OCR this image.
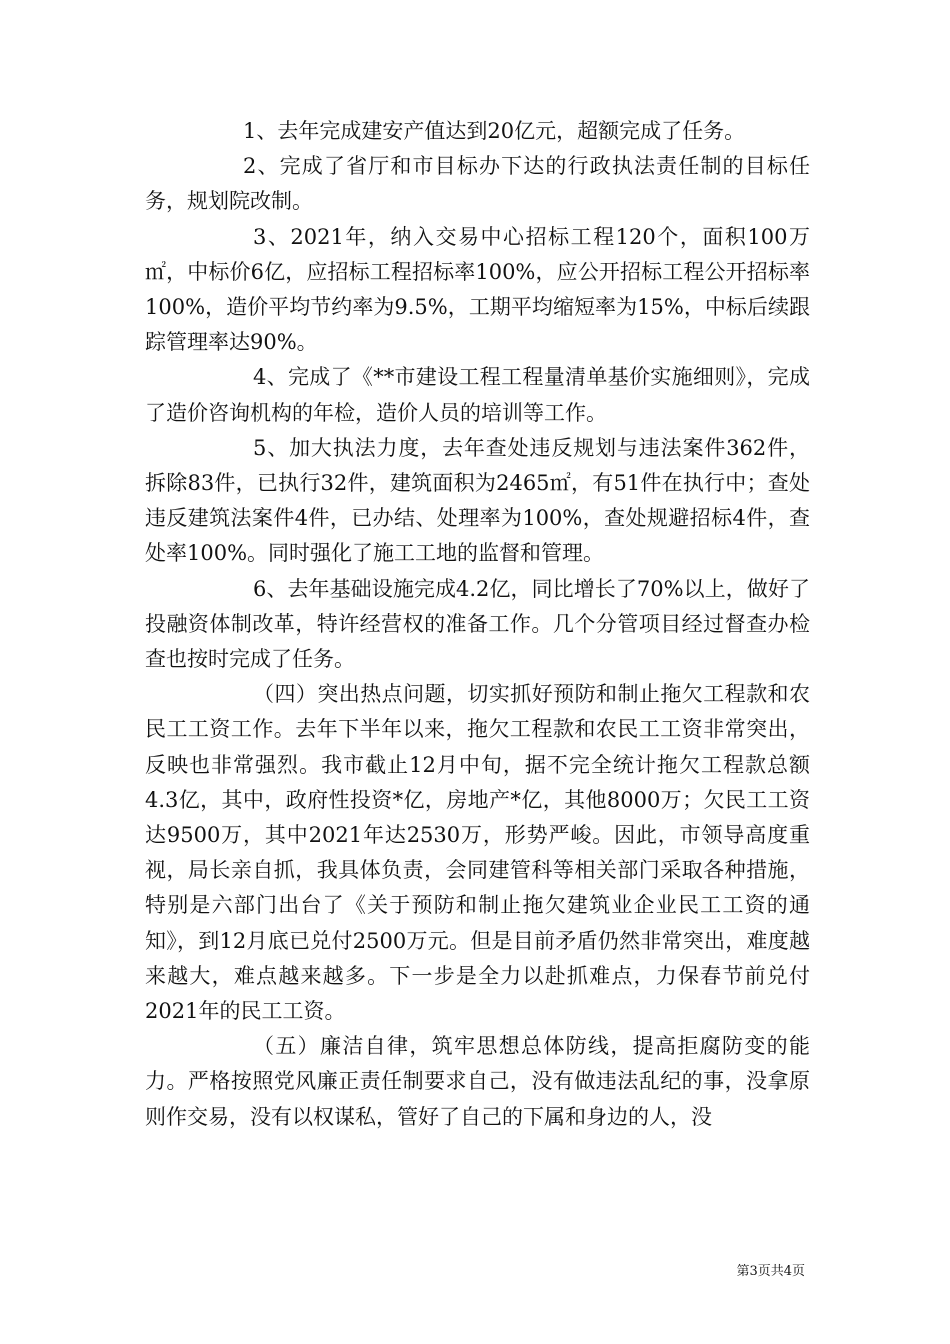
1、去年完成建安产值达到20亿元，超额完成了任务。

2、完成了省厅和市目标办下达的行政执法责任制的目标任务，规划院改制。

3、2021年，纳入交易中心招标工程120个，面积100万㎡，中标价6亿，应招标工程招标率100%，应公开招标工程公开招标率100%，造价平均节约率为9.5%，工期平均缩短率为15%，中标后续跟踪管理率达90%。

4、完成了《**市建设工程工程量清单基价实施细则》，完成了造价咨询机构的年检，造价人员的培训等工作。

5、加大执法力度，去年查处违反规划与违法案件362件，拆除83件，已执行32件，建筑面积为2465㎡，有51件在执行中；查处违反建筑法案件4件，已办结、处理率为100%，查处规避招标4件，查处率100%。同时强化了施工工地的监督和管理。

6、去年基础设施完成4.2亿，同比增长了70%以上，做好了投融资体制改革，特许经营权的准备工作。几个分管项目经过督查办检查也按时完成了任务。

（四）突出热点问题，切实抓好预防和制止拖欠工程款和农民工工资工作。去年下半年以来，拖欠工程款和农民工工资非常突出，反映也非常强烈。我市截止12月中旬，据不完全统计拖欠工程款总额4.3亿，其中，政府性投资*亿，房地产*亿，其他8000万；欠民工工资达9500万，其中2021年达2530万，形势严峻。因此，市领导高度重视，局长亲自抓，我具体负责，会同建管科等相关部门采取各种措施，特别是六部门出台了《关于预防和制止拖欠建筑业企业民工工资的通知》，到12月底已兑付2500万元。但是目前矛盾仍然非常突出，难度越来越大，难点越来越多。下一步是全力以赴抓难点，力保春节前兑付2021年的民工工资。

（五）廉洁自律，筑牢思想总体防线，提高拒腐防变的能力。严格按照党风廉正责任制要求自己，没有做违法乱纪的事，没拿原则作交易，没有以权谋私，管好了自己的下属和身边的人，没

第3页共4页
